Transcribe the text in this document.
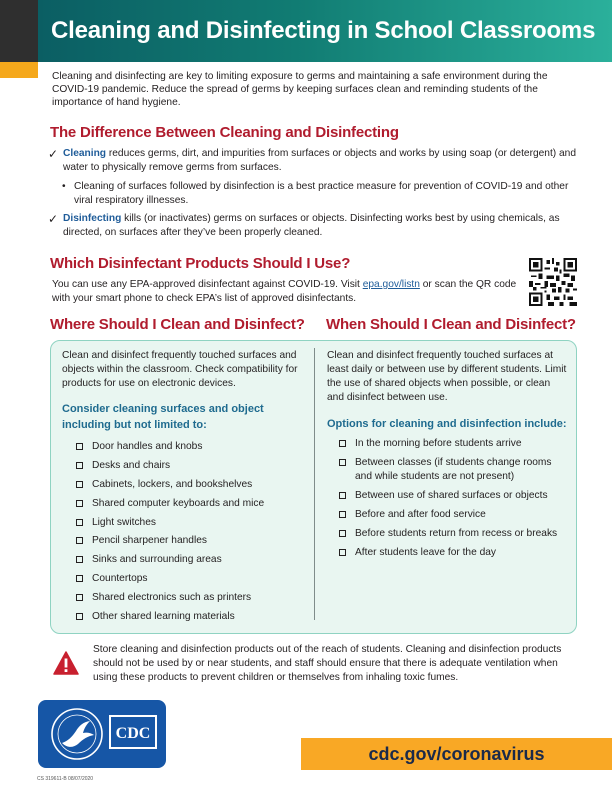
Cleaning and Disinfecting in School Classrooms

Cleaning and disinfecting are key to limiting exposure to germs and maintaining a safe environment during the COVID-19 pandemic. Reduce the spread of germs by keeping surfaces clean and reminding students of the importance of hand hygiene.

The Difference Between Cleaning and Disinfecting
✓ Cleaning reduces germs, dirt, and impurities from surfaces or objects and works by using soap (or detergent) and water to physically remove germs from surfaces.
• Cleaning of surfaces followed by disinfection is a best practice measure for prevention of COVID-19 and other viral respiratory illnesses.
✓ Disinfecting kills (or inactivates) germs on surfaces or objects. Disinfecting works best by using chemicals, as directed, on surfaces after they’ve been properly cleaned.
Which Disinfectant Products Should I Use?

You can use any EPA-approved disinfectant against COVID-19. Visit epa.gov/listn or scan the QR code with your smart phone to check EPA’s list of approved disinfectants.

Where Should I Clean and Disinfect? When Should I Clean and Disinfect?

Clean and disinfect frequently touched surfaces and objects within the classroom. Check compatibility for products for use on electronic devices.

Consider cleaning surfaces and object including but not limited to:

Door handles and knobs
Desks and chairs
Cabinets, lockers, and bookshelves
Shared computer keyboards and mice
Light switches
Pencil sharpener handles
Sinks and surrounding areas
Countertops
Shared electronics such as printers
Other shared learning materials

Clean and disinfect frequently touched surfaces at least daily or between use by different students. Limit the use of shared objects when possible, or clean and disinfect between use.

Options for cleaning and disinfection include:

In the morning before students arrive
Between classes (if students change rooms and while students are not present)
Between use of shared surfaces or objects
Before and after food service
Before students return from recess or breaks
After students leave for the day

Store cleaning and disinfection products out of the reach of students. Cleaning and disinfection products should not be used by or near students, and staff should ensure that there is adequate ventilation when using these products to prevent children or themselves from inhaling toxic fumes.

CDC
cdc.gov/coronavirus
CS 319611-B 08/07/2020
